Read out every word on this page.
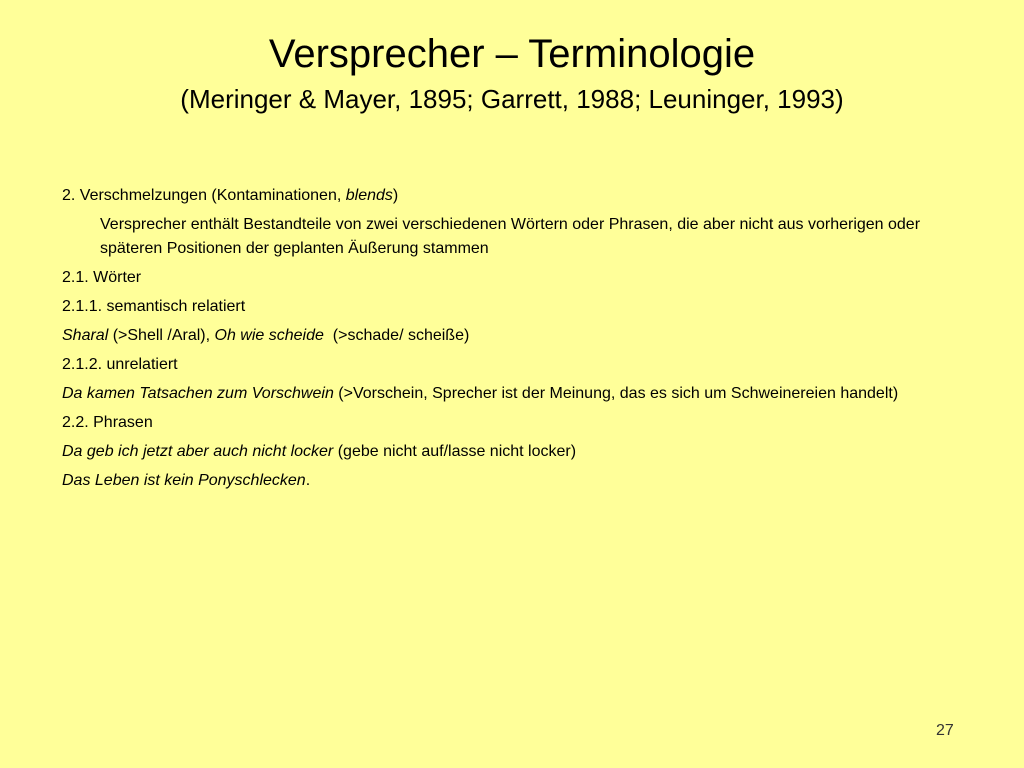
Versprecher – Terminologie
(Meringer & Mayer, 1895; Garrett, 1988; Leuninger, 1993)

2. Verschmelzungen (Kontaminationen, blends)

Versprecher enthält Bestandteile von zwei verschiedenen Wörtern oder Phrasen, die aber nicht aus vorherigen oder späteren Positionen der geplanten Äußerung stammen

2.1. Wörter

2.1.1. semantisch relatiert

Sharal (>Shell /Aral), Oh wie scheide  (>schade/ scheiße)

2.1.2. unrelatiert

Da kamen Tatsachen zum Vorschwein (>Vorschein, Sprecher ist der Meinung, das es sich um Schweinereien handelt)

2.2. Phrasen

Da geb ich jetzt aber auch nicht locker (gebe nicht auf/lasse nicht locker)

Das Leben ist kein Ponyschlecken.

27
